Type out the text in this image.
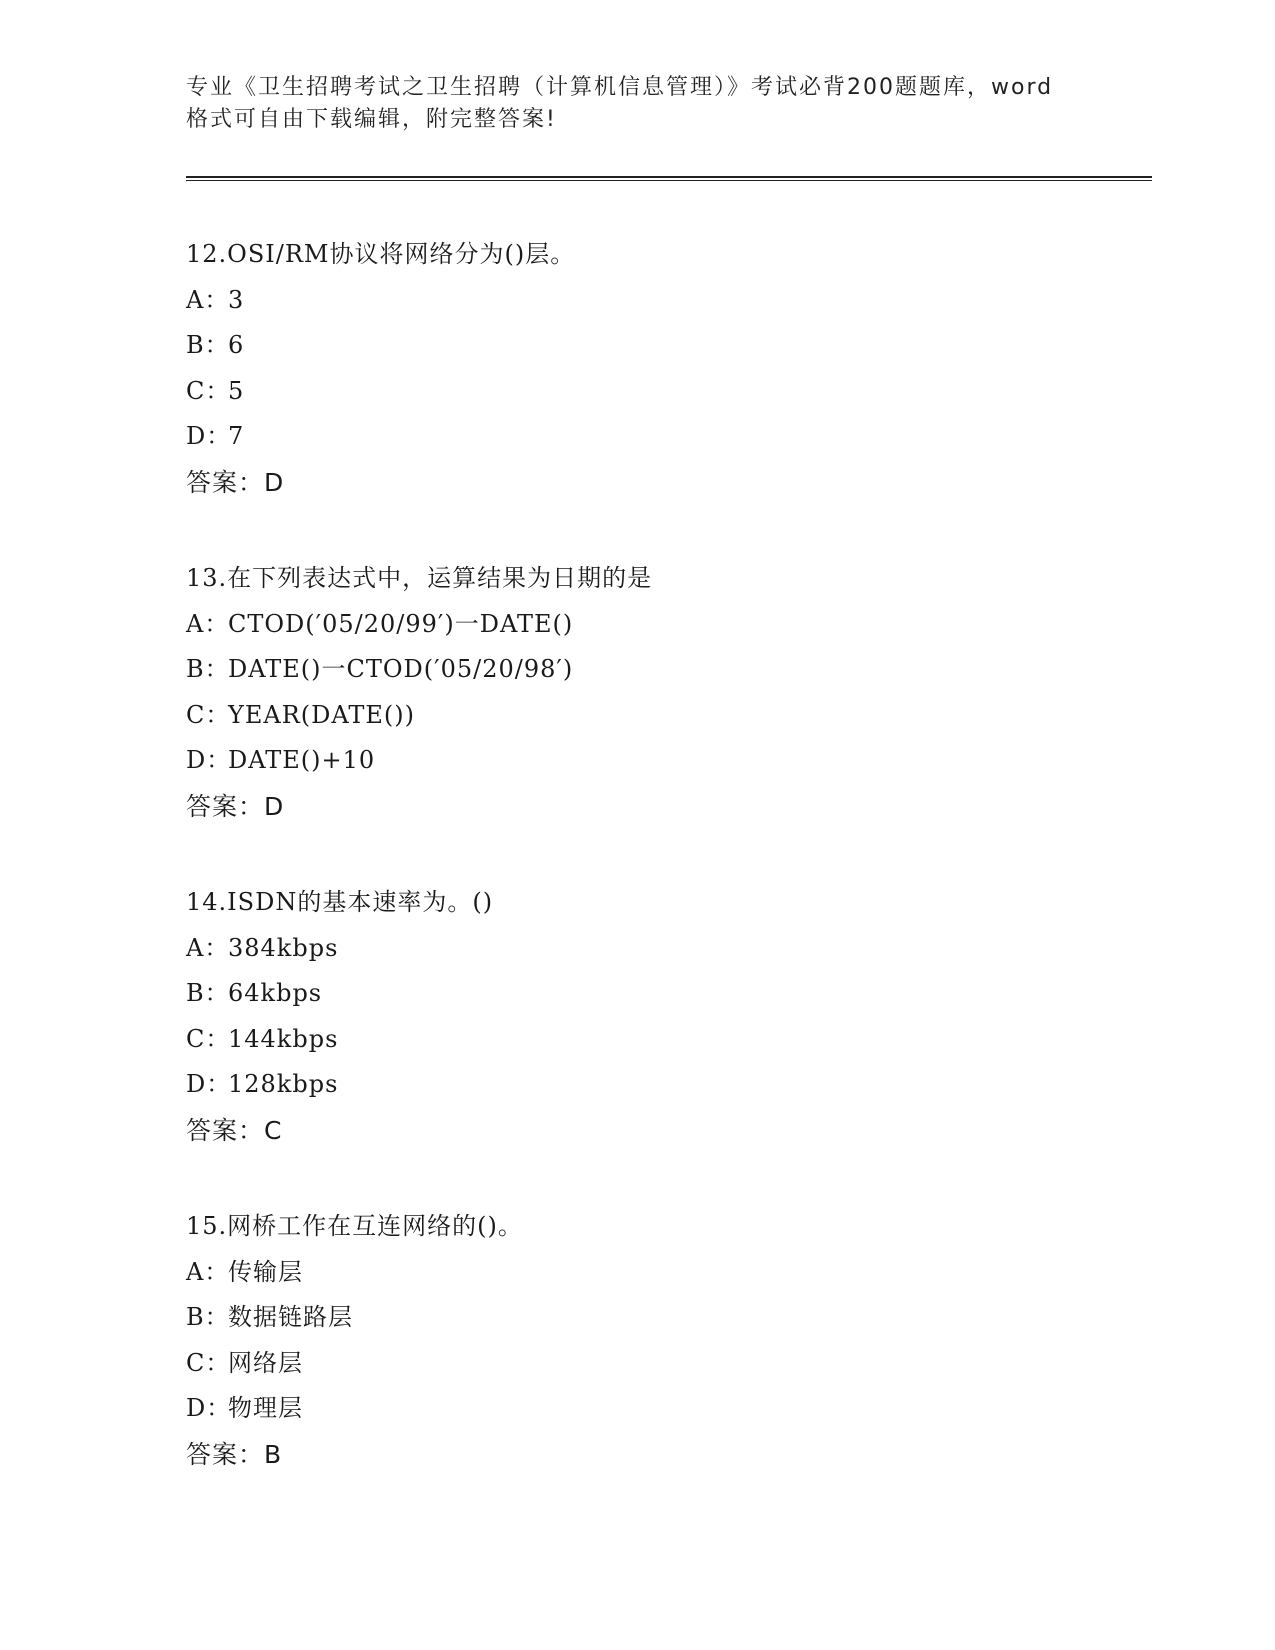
专业《卫生招聘考试之卫生招聘（计算机信息管理）》考试必背200题题库，word
格式可自由下载编辑，附完整答案!
12.OSI/RM协议将网络分为()层。
A：3
B：6
C：5
D：7
答案：D
13.在下列表达式中，运算结果为日期的是
A：CTOD(′05/20/99′)一DATE()
B：DATE()一CTOD(′05/20/98′)
C：YEAR(DATE())
D：DATE()+10
答案：D
14.ISDN的基本速率为。()
A：384kbps
B：64kbps
C：144kbps
D：128kbps
答案：C
15.网桥工作在互连网络的()。
A：传输层
B：数据链路层
C：网络层
D：物理层
答案：B
